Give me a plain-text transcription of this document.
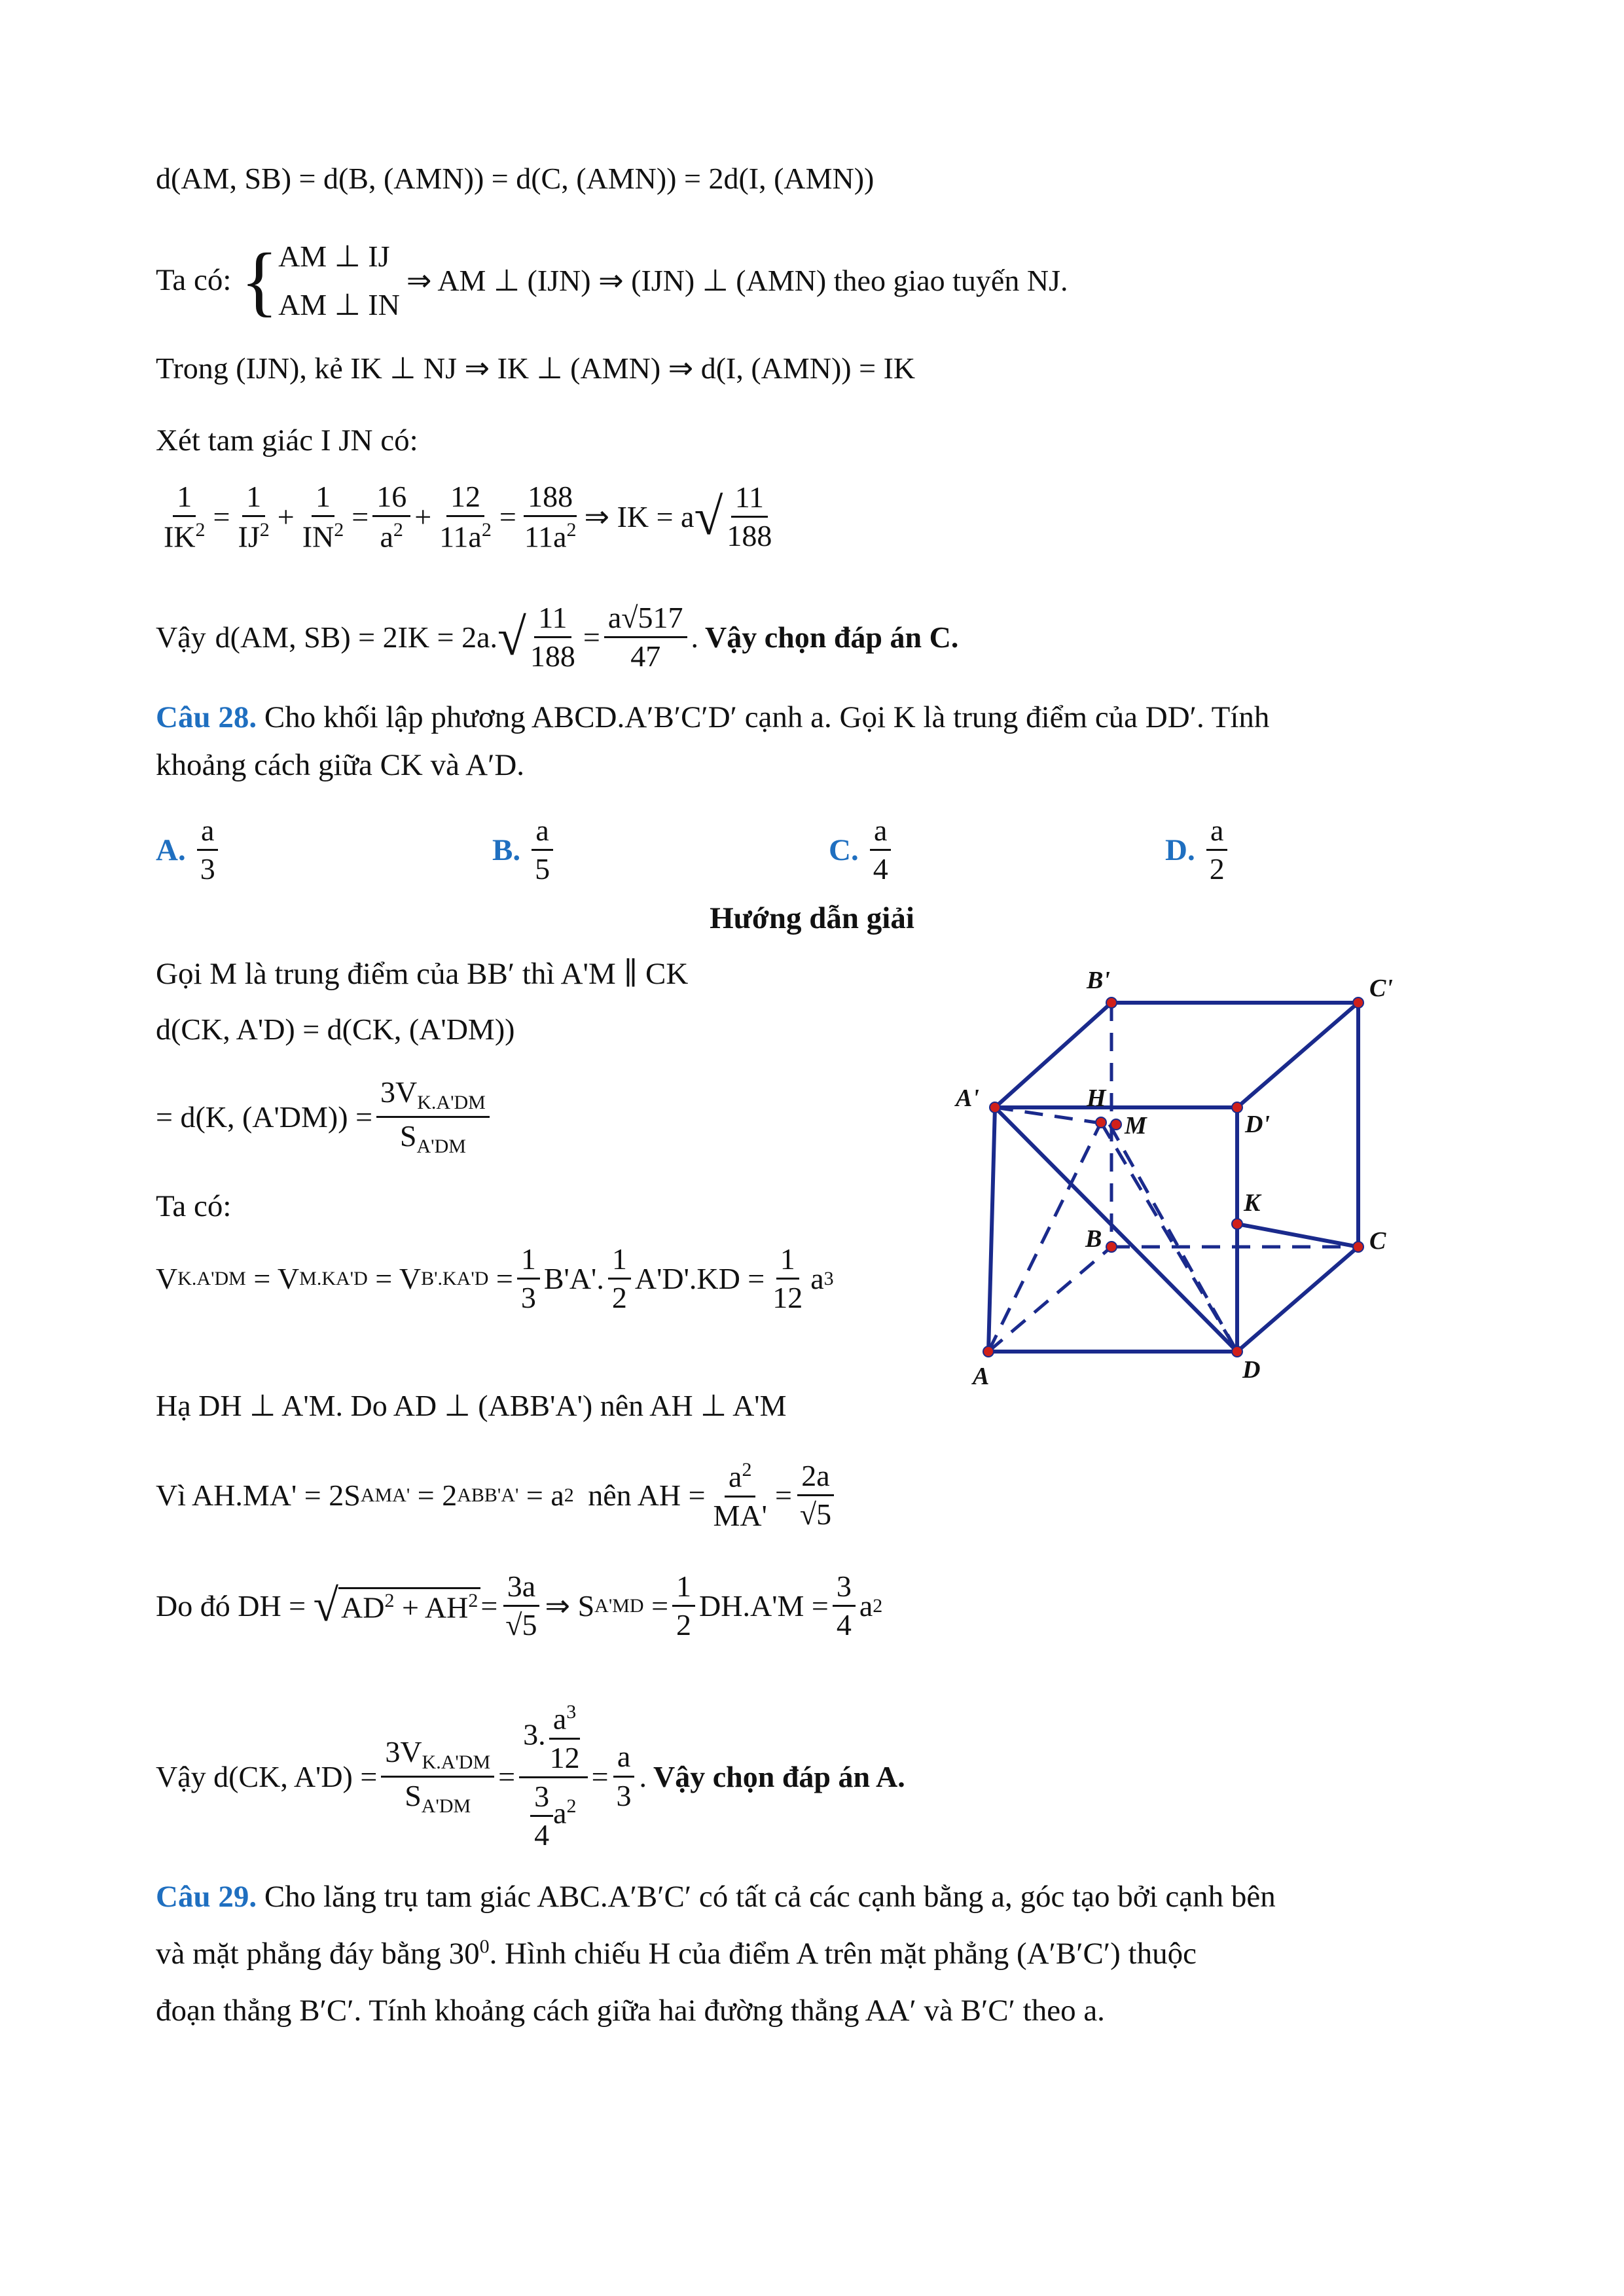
d(AM, SB) = d(B, (AMN)) = d(C, (AMN)) = 2d(I, (AMN))
Ta có: { AM ⊥ IJ
AM ⊥ IN
⇒ AM ⊥ (IJN) ⇒ (IJN) ⊥ (AMN) theo giao tuyến NJ.
Trong (IJN), kẻ IK ⊥ NJ ⇒ IK ⊥ (AMN) ⇒ d(I, (AMN)) = IK
Xét tam giác I JN có:
1
$IK^2$ =
1
$IJ^2$ +
1
$IN^2$ =
16
$a^2$ +
12
$11a^2$ =
188
$11a^2$ ⇒ IK = a √ 11
188
Vậy d(AM, SB) = 2IK = 2a. √ 11
188
=
a√517
47
. Vậy chọn đáp án C.
Câu 28. Cho khối lập phương ABCD.A′B′C′D′ cạnh a. Gọi K là trung điểm của DD′. Tính
khoảng cách giữa CK và A′D.
A.
a
3
B.
a
5
C.
a
4
D.
a
2
Hướng dẫn giải
Gọi M là trung điểm của BB′ thì A'M ∥ CK
d(CK, A'D) = d(CK, (A'DM))
= d(K, $(A'DM)) = \frac{3V_{K.A'DM}}{S_{A'DM}}$
Ta có:
V K.A'DM = V M.KA'D = V B'.KA'D =
1
3
B'A'.
1
2
A'D'.KD =
1
12
a 3
Hạ DH ⊥ A'M. Do AD ⊥ (ABB'A') nên AH ⊥ A'M
Vì AH.MA' = 2S AMA' = 2 ABB'A' = a 2
nên AH = $\frac{a^2}{MA'}$ =
2a
√5
Do đó DH =
√ $AD^2 + AH^2$ =
3a
√5
⇒ S A'MD =
1
2
DH.A'M =
3
4
a 2
Vậy d(CK, $A'D) = \frac{3V_{K.A'DM}}{S_{A'DM}}$ =
3. $\frac{a^3}{12}$
$\frac{3}{4} a^2$
=
a
3
. Vậy chọn đáp án A.
Câu 29. Cho lăng trụ tam giác ABC.A′B′C′ có tất cả các cạnh bằng a, góc tạo bởi cạnh bên
và mặt phẳng đáy bằng $30^0$. Hình chiếu H của điểm A trên mặt phẳng (A′B′C′) thuộc
đoạn thẳng B′C′. Tính khoảng cách giữa hai đường thẳng AA′ và B′C′ theo a.
B'	C'
A'	H
M	D'
K
B	C
A	D
